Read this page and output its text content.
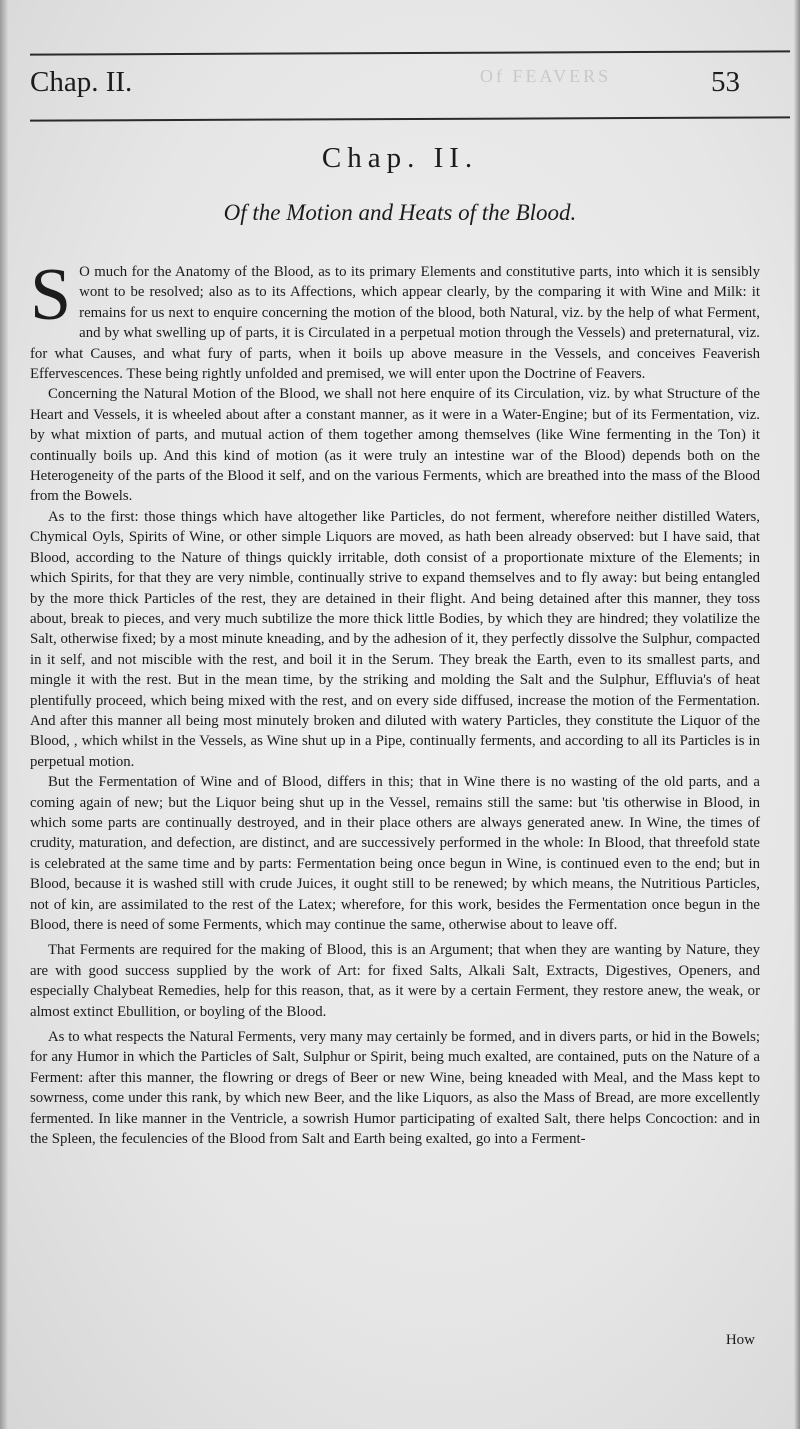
Of FEAVERS
Chap. II.	53
Chap. II.
Of the Motion and Heats of the Blood.

S O much for the Anatomy of the Blood, as to its primary Elements and constitutive parts, into which it is sensibly wont to be resolved; also as to its Affections, which appear clearly, by the comparing it with Wine and Milk: it remains for us next to enquire concerning the motion of the blood, both Natural, viz. by the help of what Ferment, and by what swelling up of parts, it is Circulated in a perpetual motion through the Vessels) and preternatural, viz. for what Causes, and what fury of parts, when it boils up above measure in the Vessels, and conceives Feaverish Effervescences. These being rightly unfolded and premised, we will enter upon the Doctrine of Feavers.

Concerning the Natural Motion of the Blood, we shall not here enquire of its Circulation, viz. by what Structure of the Heart and Vessels, it is wheeled about after a constant manner, as it were in a Water-Engine; but of its Fermentation, viz. by what mixtion of parts, and mutual action of them together among themselves (like Wine fermenting in the Ton) it continually boils up. And this kind of motion (as it were truly an intestine war of the Blood) depends both on the Heterogeneity of the parts of the Blood it self, and on the various Ferments, which are breathed into the mass of the Blood from the Bowels.

As to the first: those things which have altogether like Particles, do not ferment, wherefore neither distilled Waters, Chymical Oyls, Spirits of Wine, or other simple Liquors are moved, as hath been already observed: but I have said, that Blood, according to the Nature of things quickly irritable, doth consist of a proportionate mixture of the Elements; in which Spirits, for that they are very nimble, continually strive to expand themselves and to fly away: but being entangled by the more thick Particles of the rest, they are detained in their flight. And being detained after this manner, they toss about, break to pieces, and very much subtilize the more thick little Bodies, by which they are hindred; they volatilize the Salt, otherwise fixed; by a most minute kneading, and by the adhesion of it, they perfectly dissolve the Sulphur, compacted in it self, and not miscible with the rest, and boil it in the Serum. They break the Earth, even to its smallest parts, and mingle it with the rest. But in the mean time, by the striking and molding the Salt and the Sulphur, Effluvia's of heat plentifully proceed, which being mixed with the rest, and on every side diffused, increase the motion of the Fermentation. And after this manner all being most minutely broken and diluted with watery Particles, they constitute the Liquor of the Blood, , which whilst in the Vessels, as Wine shut up in a Pipe, continually ferments, and according to all its Particles is in perpetual motion.

But the Fermentation of Wine and of Blood, differs in this; that in Wine there is no wasting of the old parts, and a coming again of new; but the Liquor being shut up in the Vessel, remains still the same: but 'tis otherwise in Blood, in which some parts are continually destroyed, and in their place others are always generated anew. In Wine, the times of crudity, maturation, and defection, are distinct, and are successively performed in the whole: In Blood, that threefold state is celebrated at the same time and by parts: Fermentation being once begun in Wine, is continued even to the end; but in Blood, because it is washed still with crude Juices, it ought still to be renewed; by which means, the Nutritious Particles, not of kin, are assimilated to the rest of the Latex; wherefore, for this work, besides the Fermentation once begun in the Blood, there is need of some Ferments, which may continue the same, otherwise about to leave off.

That Ferments are required for the making of Blood, this is an Argument; that when they are wanting by Nature, they are with good success supplied by the work of Art: for fixed Salts, Alkali Salt, Extracts, Digestives, Openers, and especially Chalybeat Remedies, help for this reason, that, as it were by a certain Ferment, they restore anew, the weak, or almost extinct Ebullition, or boyling of the Blood.

As to what respects the Natural Ferments, very many may certainly be formed, and in divers parts, or hid in the Bowels; for any Humor in which the Particles of Salt, Sulphur or Spirit, being much exalted, are contained, puts on the Nature of a Ferment: after this manner, the flowring or dregs of Beer or new Wine, being kneaded with Meal, and the Mass kept to sowrness, come under this rank, by which new Beer, and the like Liquors, as also the Mass of Bread, are more excellently fermented. In like manner in the Ventricle, a sowrish Humor participating of exalted Salt, there helps Concoction: and in the Spleen, the feculencies of the Blood from Salt and Earth being exalted, go into a Ferment-

How
